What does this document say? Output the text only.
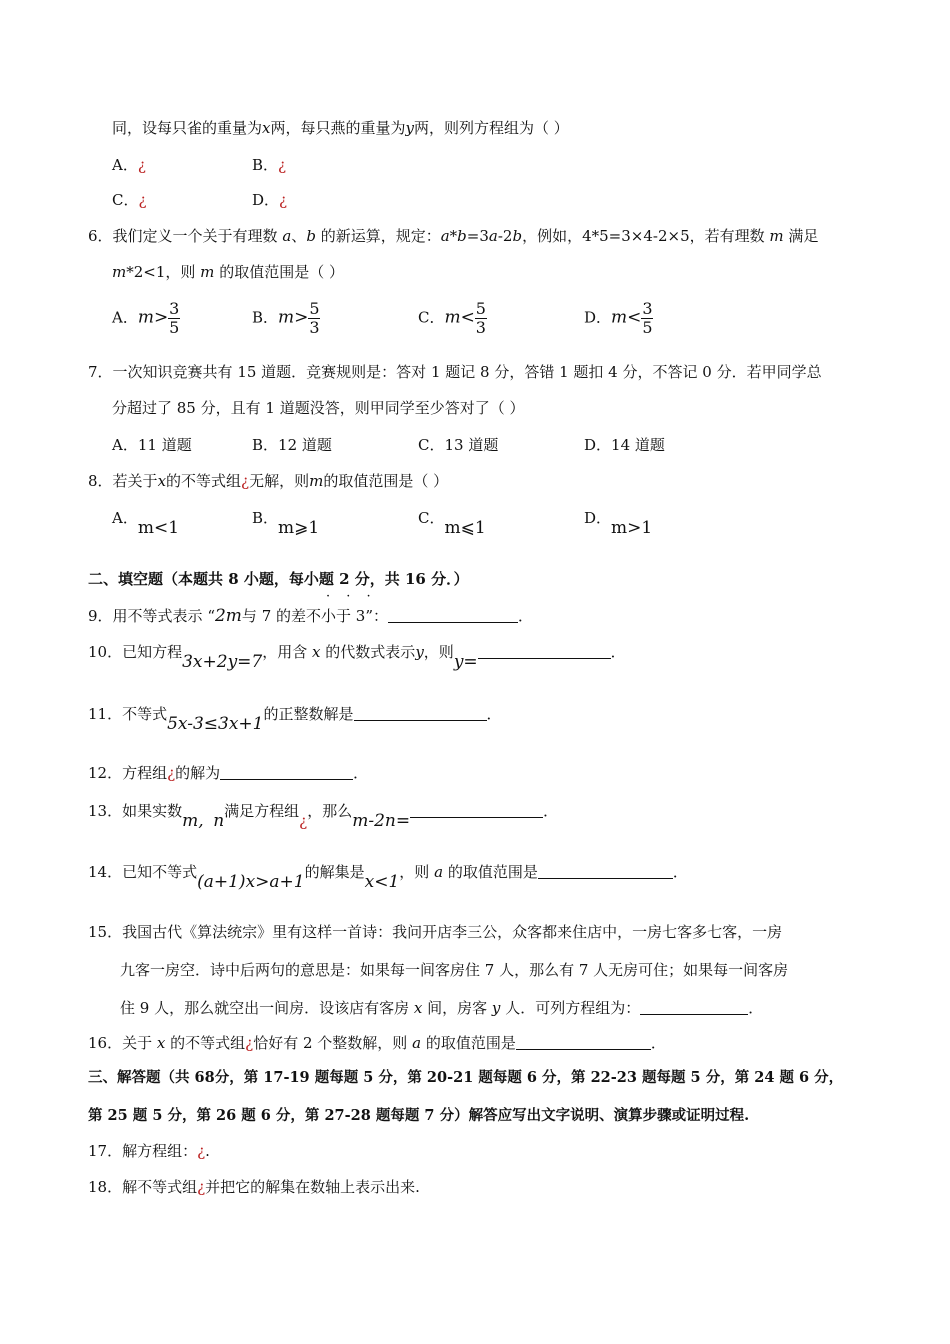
同，设每只雀的重量为x两，每只燕的重量为y两，则列方程组为（ ）
A．¿	B．¿
C．¿	D．¿
6．我们定义一个关于有理数 a、b 的新运算，规定：a*b=3a-2b，例如，4*5=3×4-2×5，若有理数 m 满足
m*2<1，则 m 的取值范围是（ ）
A．$m> \frac{3}{5}$	B．$m> \frac{5}{3}$	C．$m< \frac{5}{3}$	D．$m< \frac{3}{5}$
7．一次知识竞赛共有 15 道题．竞赛规则是：答对 1 题记 8 分，答错 1 题扣 4 分，不答记 0 分．若甲同学总
分超过了 85 分，且有 1 道题没答，则甲同学至少答对了（ ）
A．11 道题	B．12 道题	C．13 道题	D．14 道题
8．若关于x的不等式组¿无解，则m的取值范围是（ ）
A．m<1	B．m⩾1	C．m⩽1	D．m>1
二、填空题（本题共 8 小题，每小题 2 分，共 16 分．）
· · ·
9．用不等式表示 “2m与 7 的差不小于 3”：	．
10．已知方程3x+2y=7，用含 x 的代数式表示y，则y=	．
11．不等式5x-3≤3x+1的正整数解是	．
12．方程组¿的解为	．
13．如果实数m, n满足方程组¿，那么m-2n=	．
14．已知不等式(a+1)x>a+1的解集是x<1，则 a 的取值范围是	．
15．我国古代《算法统宗》里有这样一首诗：我问开店李三公，众客都来住店中，一房七客多七客，一房
九客一房空．诗中后两句的意思是：如果每一间客房住 7 人，那么有 7 人无房可住；如果每一间客房
住 9 人，那么就空出一间房．设该店有客房 x 间，房客 y 人．可列方程组为：	．
16．关于 x 的不等式组¿恰好有 2 个整数解，则 a 的取值范围是	．
三、解答题（共 68分，第 17-19 题每题 5 分，第 20-21 题每题 6 分，第 22-23 题每题 5 分，第 24 题 6 分，
第 25 题 5 分，第 26 题 6 分，第 27-28 题每题 7 分）解答应写出文字说明、演算步骤或证明过程.
17．解方程组：¿.
18．解不等式组¿并把它的解集在数轴上表示出来.
